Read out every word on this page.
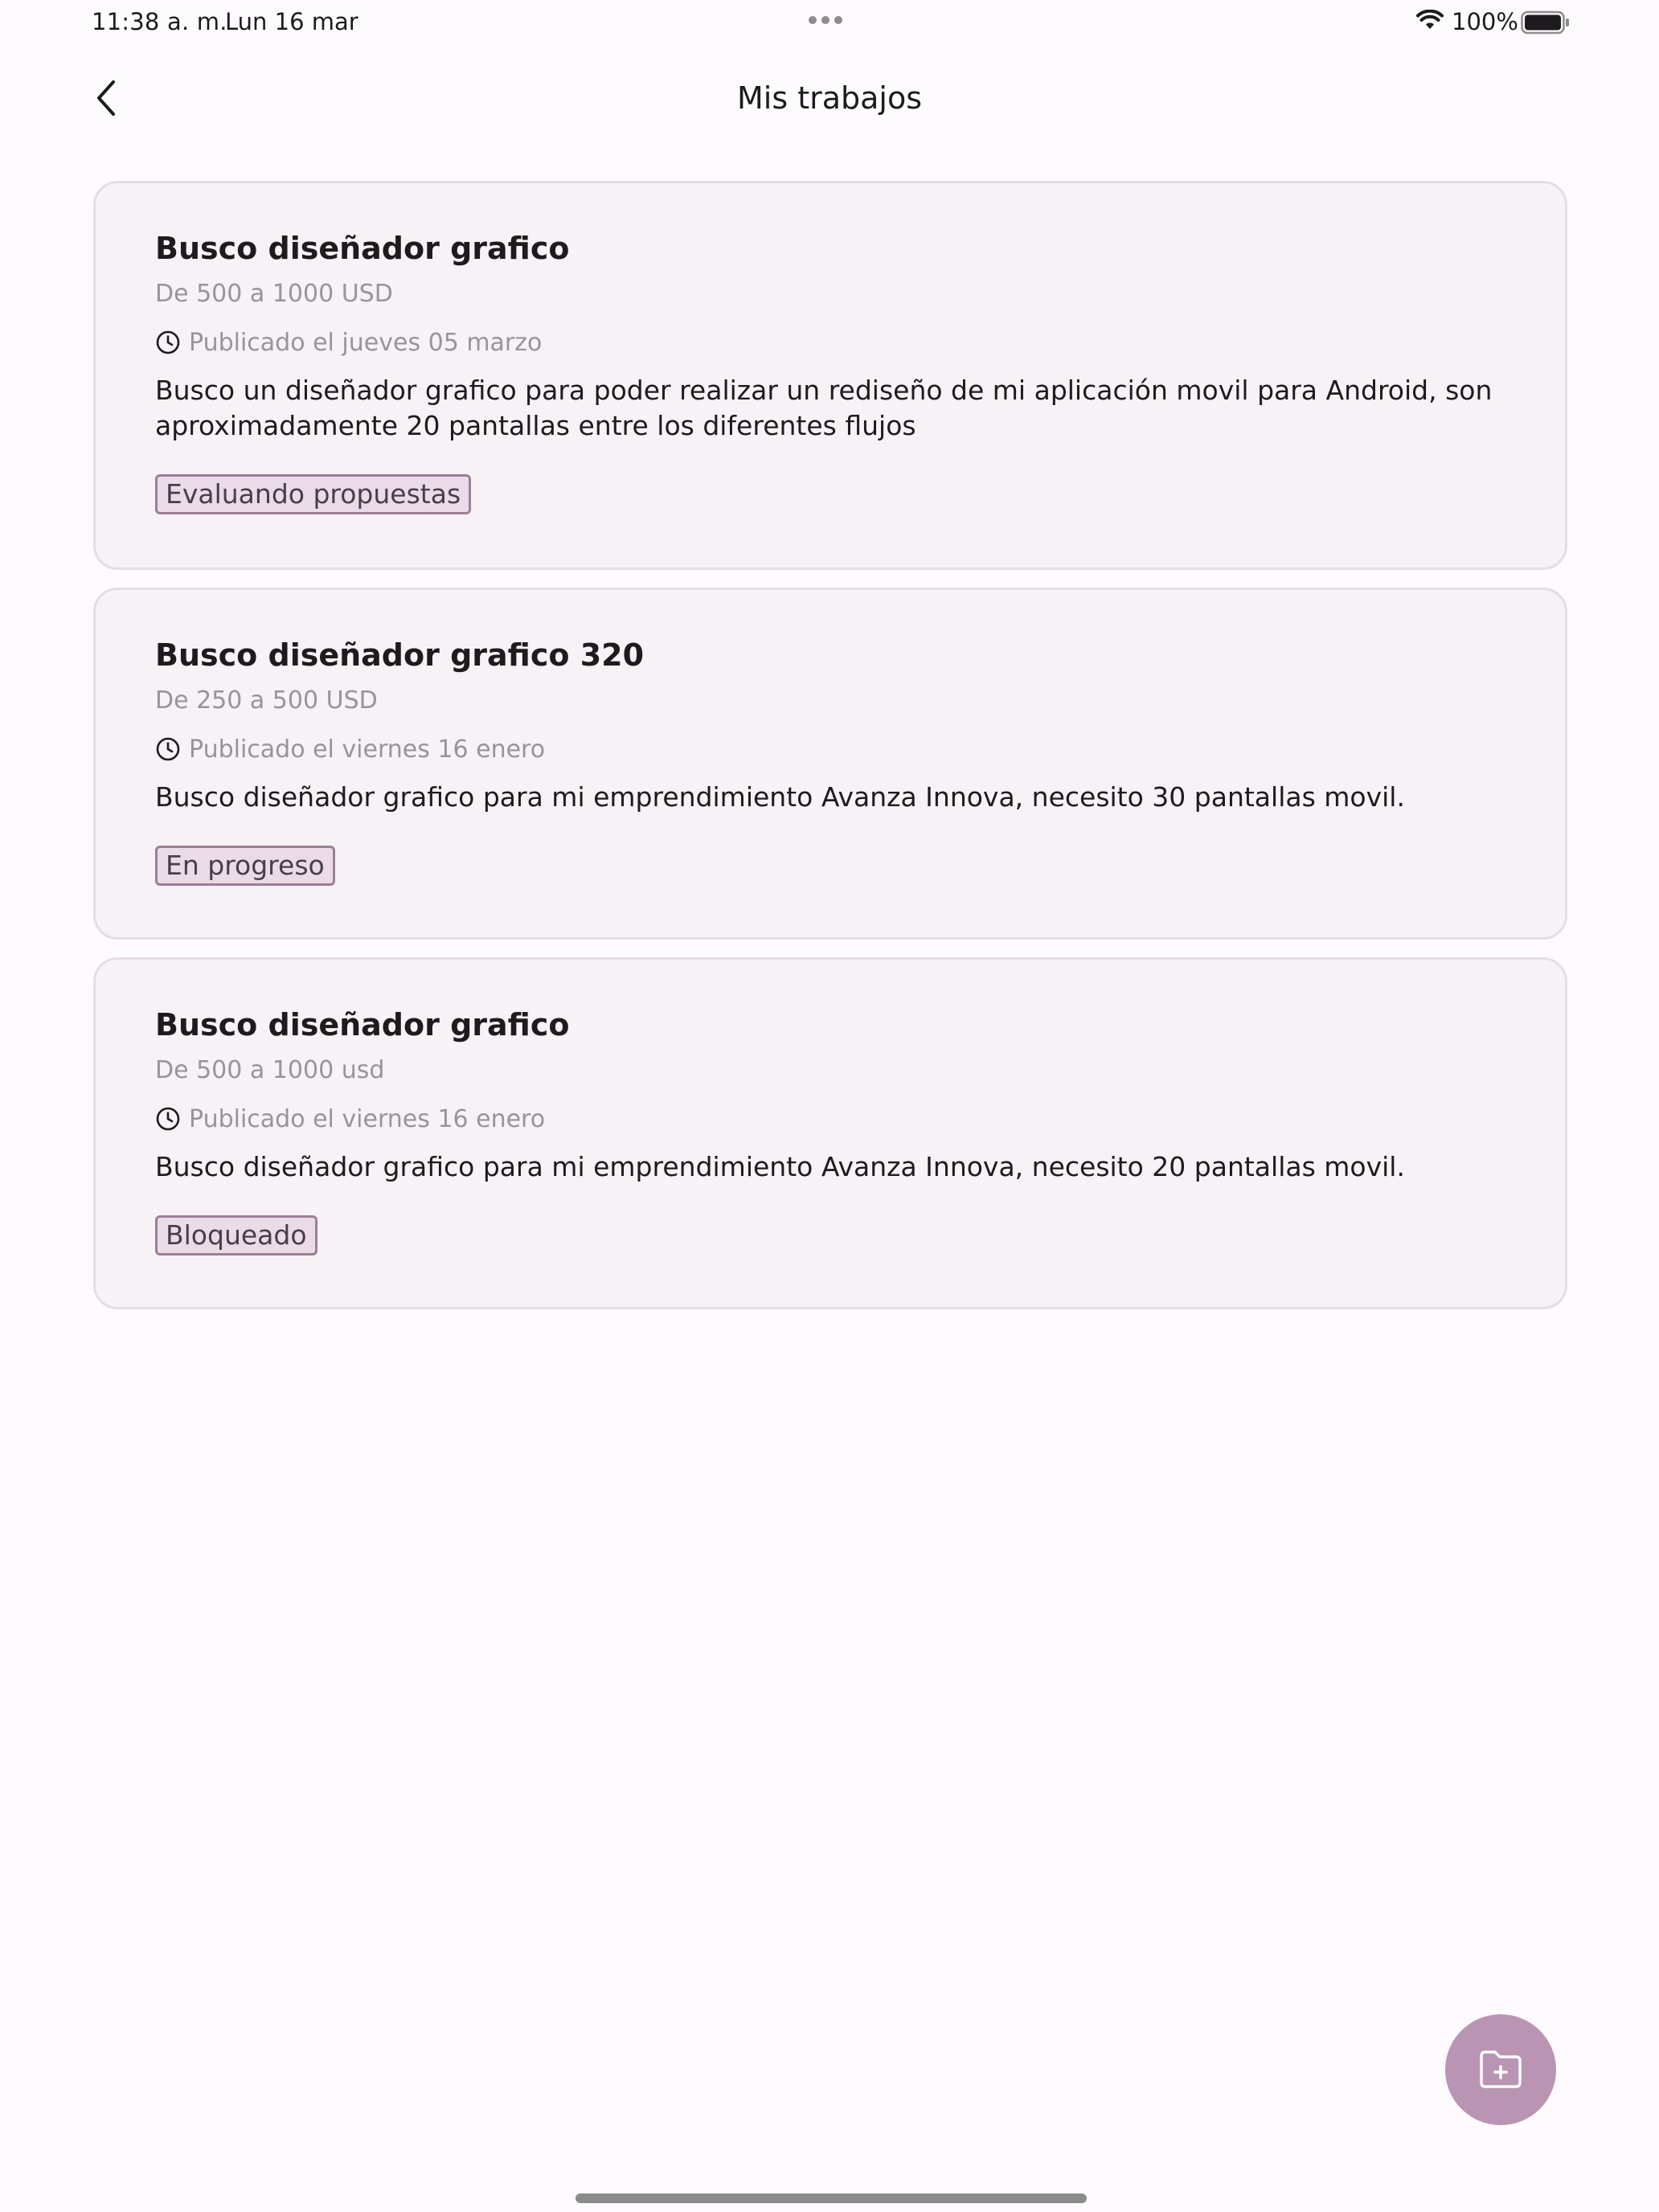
11:38 a. m.
Lun 16 mar	100%
Mis trabajos
Busco diseñador grafico
De 500 a 1000 USD
Publicado el jueves 05 marzo
Busco un diseñador grafico para poder realizar un rediseño de mi aplicación movil para Android, son aproximadamente 20 pantallas entre los diferentes flujos
Evaluando propuestas
Busco diseñador grafico 320
De 250 a 500 USD
Publicado el viernes 16 enero
Busco diseñador grafico para mi emprendimiento Avanza Innova, necesito 30 pantallas movil.
En progreso
Busco diseñador grafico
De 500 a 1000 usd
Publicado el viernes 16 enero
Busco diseñador grafico para mi emprendimiento Avanza Innova, necesito 20 pantallas movil.
Bloqueado
